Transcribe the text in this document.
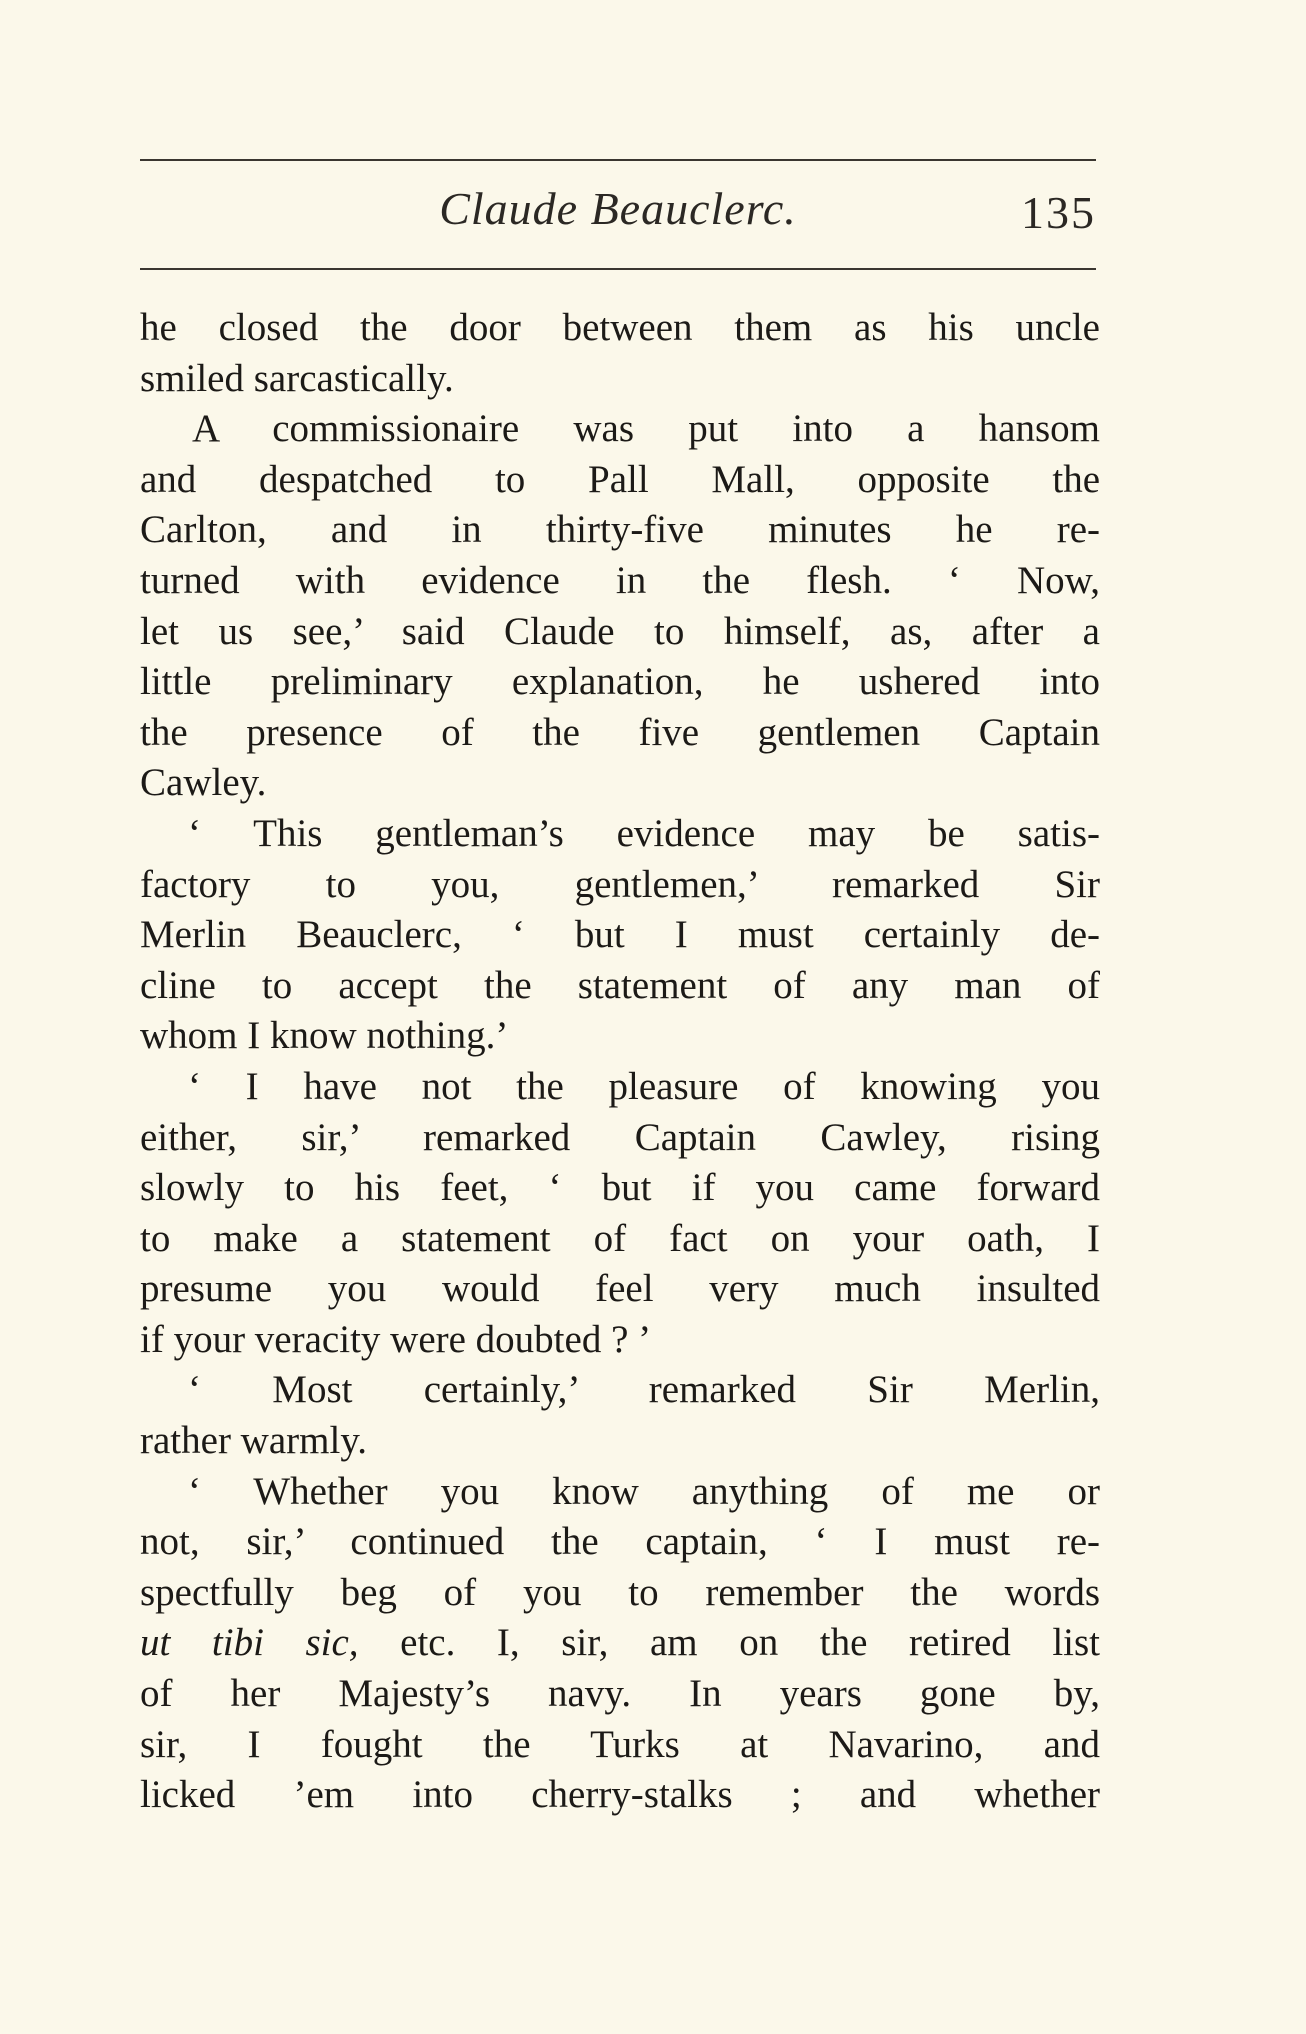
Claude Beauclerc.	135

he closed the door between them as his uncle

smiled sarcastically.

A commissionaire was put into a hansom

and despatched to Pall Mall, opposite the

Carlton, and in thirty-five minutes he re-

turned with evidence in the flesh. ‘ Now,

let us see,’ said Claude to himself, as, after a

little preliminary explanation, he ushered into

the presence of the five gentlemen Captain

Cawley.

‘ This gentleman’s evidence may be satis-

factory to you, gentlemen,’ remarked Sir

Merlin Beauclerc, ‘ but I must certainly de-

cline to accept the statement of any man of

whom I know nothing.’

‘ I have not the pleasure of knowing you

either, sir,’ remarked Captain Cawley, rising

slowly to his feet, ‘ but if you came forward

to make a statement of fact on your oath, I

presume you would feel very much insulted

if your veracity were doubted ? ’

‘ Most certainly,’ remarked Sir Merlin,

rather warmly.

‘ Whether you know anything of me or

not, sir,’ continued the captain, ‘ I must re-

spectfully beg of you to remember the words

ut tibi sic, etc. I, sir, am on the retired list

of her Majesty’s navy. In years gone by,

sir, I fought the Turks at Navarino, and

licked ’em into cherry-stalks ; and whether
